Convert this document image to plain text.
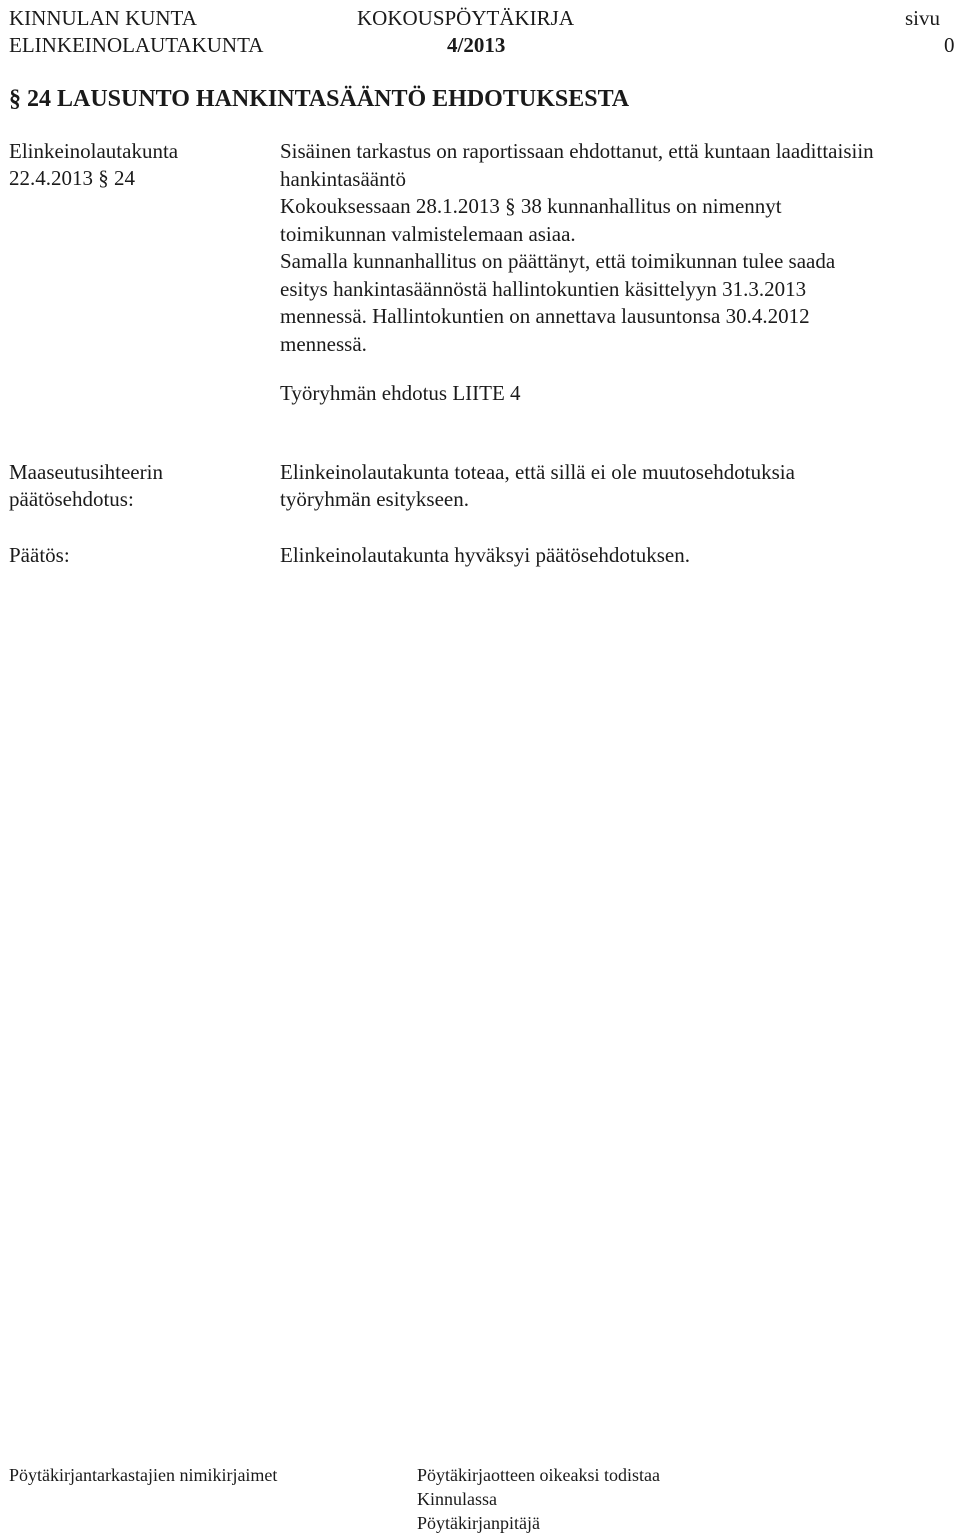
KINNULAN KUNTA	KOKOUSPÖYTÄKIRJA	sivu
ELINKEINOLAUTAKUNTA	4/2013	0
§ 24 LAUSUNTO HANKINTASÄÄNTÖ EHDOTUKSESTA
Elinkeinolautakunta
22.4.2013 § 24
Sisäinen tarkastus on raportissaan ehdottanut, että kuntaan laadittaisiin
hankintasääntö
Kokouksessaan 28.1.2013 § 38 kunnanhallitus on nimennyt
toimikunnan valmistelemaan asiaa.
Samalla kunnanhallitus on päättänyt, että toimikunnan tulee saada
esitys hankintasäännöstä hallintokuntien käsittelyyn 31.3.2013
mennessä. Hallintokuntien on annettava lausuntonsa 30.4.2012
mennessä.
Työryhmän ehdotus LIITE 4
Maaseutusihteerin
päätösehdotus:
Elinkeinolautakunta toteaa, että sillä ei ole muutosehdotuksia
työryhmän esitykseen.
Päätös:	Elinkeinolautakunta hyväksyi päätösehdotuksen.
Pöytäkirjantarkastajien nimikirjaimet	Pöytäkirjaotteen oikeaksi todistaa
Kinnulassa
Pöytäkirjanpitäjä
